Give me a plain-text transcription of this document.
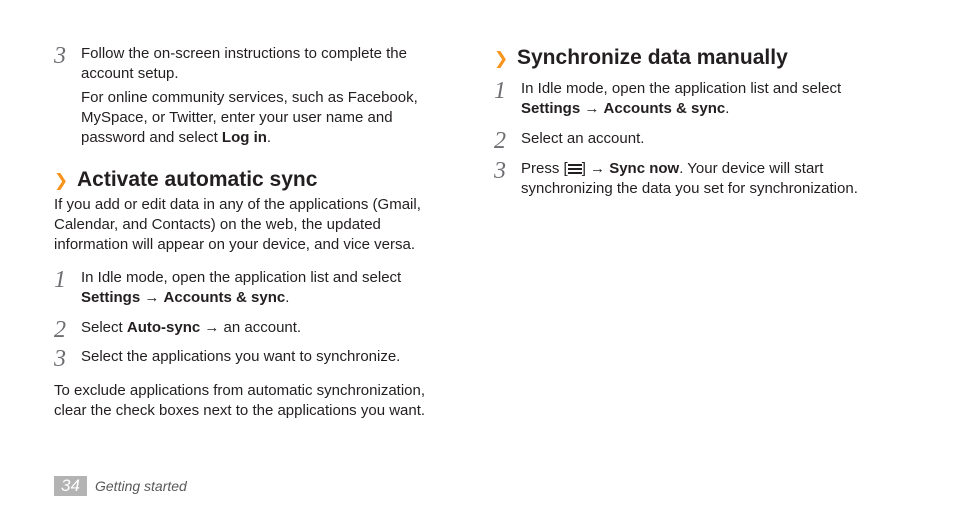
3 Follow the on-screen instructions to complete the
account setup.
For online community services, such as Facebook,
MySpace, or Twitter, enter your user name and
password and select Log in.
❯ Activate automatic sync
If you add or edit data in any of the applications (Gmail,
Calendar, and Contacts) on the web, the updated
information will appear on your device, and vice versa.
1 In Idle mode, open the application list and select
Settings → Accounts & sync.
2 Select Auto-sync → an account.
3 Select the applications you want to synchronize.
To exclude applications from automatic synchronization,
clear the check boxes next to the applications you want.
❯ Synchronize data manually
1 In Idle mode, open the application list and select
Settings → Accounts & sync.
2 Select an account.
3 Press [ ] → Sync now. Your device will start
synchronizing the data you set for synchronization.
34	Getting started
